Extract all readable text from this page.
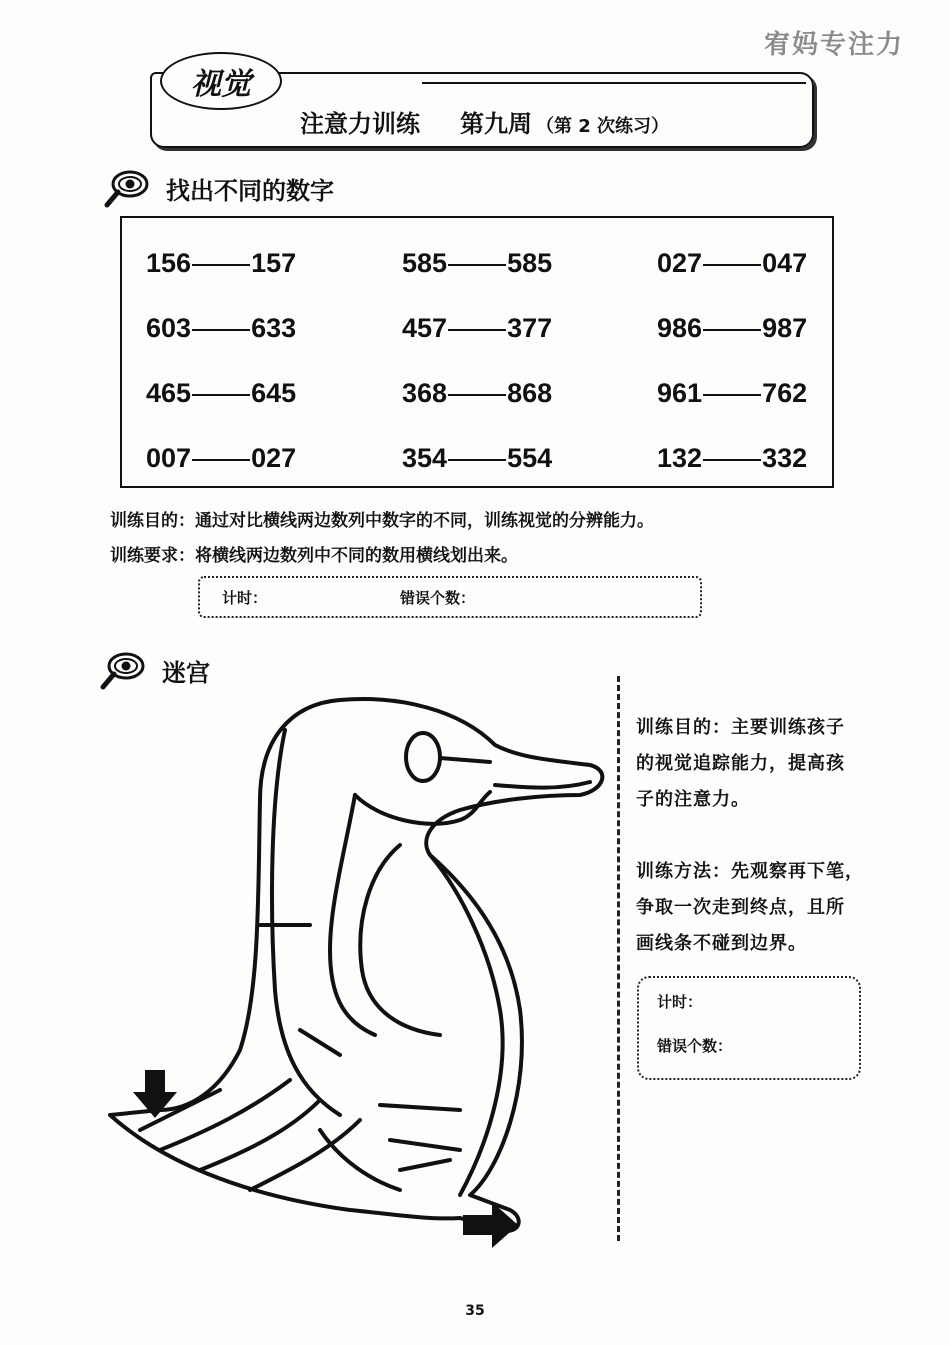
宥妈专注力
视觉
注意力训练 第九周 （第 2 次练习）
找出不同的数字
156 157	585 585	027 047
603 633	457 377	986 987
465 645	368 868	961 762
007 027	354 554	132 332
训练目的：通过对比横线两边数列中数字的不同，训练视觉的分辨能力。
训练要求：将横线两边数列中不同的数用横线划出来。
计时：	错误个数：
迷宫
训练目的：主要训练孩子
的视觉追踪能力，提高孩
子的注意力。
训练方法：先观察再下笔，
争取一次走到终点，且所
画线条不碰到边界。
计时：
错误个数：
35
